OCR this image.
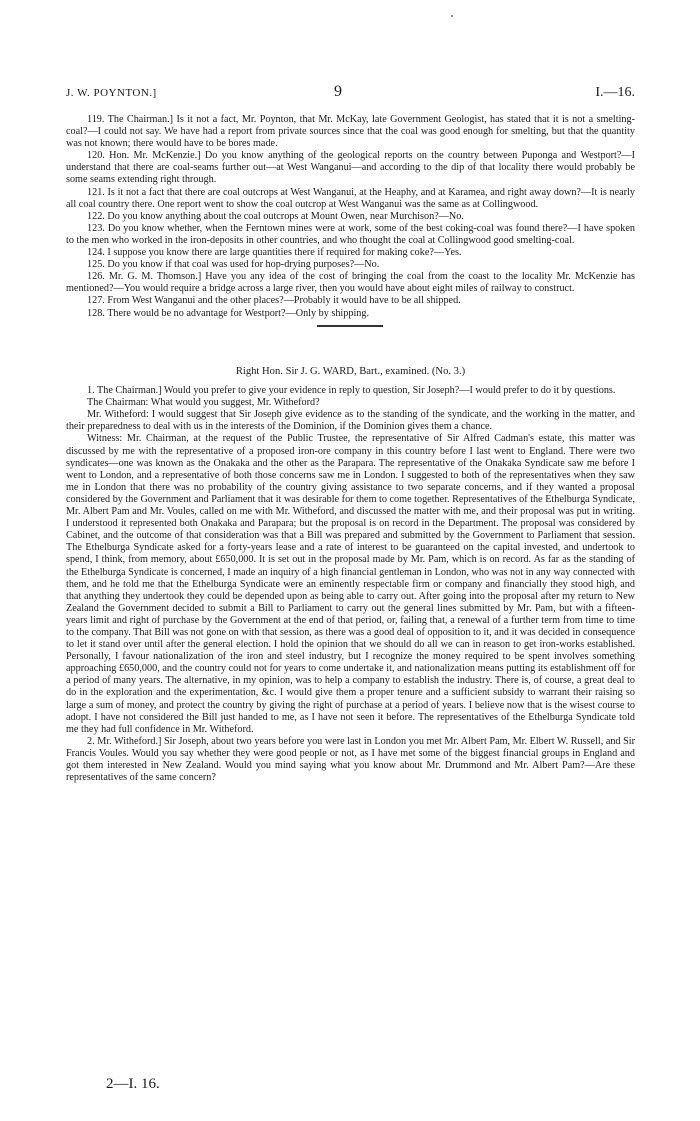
J. W. POYNTON.]	9	I.—16.

119. The Chairman.] Is it not a fact, Mr. Poynton, that Mr. McKay, late Government Geologist, has stated that it is not a smelting-coal?—I could not say. We have had a report from private sources since that the coal was good enough for smelting, but that the quantity was not known; there would have to be bores made.

120. Hon. Mr. McKenzie.] Do you know anything of the geological reports on the country between Puponga and Westport?—I understand that there are coal-seams further out—at West Wanganui—and according to the dip of that locality there would probably be some seams extending right through.

121. Is it not a fact that there are coal outcrops at West Wanganui, at the Heaphy, and at Karamea, and right away down?—It is nearly all coal country there. One report went to show the coal outcrop at West Wanganui was the same as at Collingwood.

122. Do you know anything about the coal outcrops at Mount Owen, near Murchison?—No.

123. Do you know whether, when the Ferntown mines were at work, some of the best coking-coal was found there?—I have spoken to the men who worked in the iron-deposits in other countries, and who thought the coal at Collingwood good smelting-coal.

124. I suppose you know there are large quantities there if required for making coke?—Yes.

125. Do you know if that coal was used for hop-drying purposes?—No.

126. Mr. G. M. Thomson.] Have you any idea of the cost of bringing the coal from the coast to the locality Mr. McKenzie has mentioned?—You would require a bridge across a large river, then you would have about eight miles of railway to construct.

127. From West Wanganui and the other places?—Probably it would have to be all shipped.

128. There would be no advantage for Westport?—Only by shipping.

Right Hon. Sir J. G. WARD, Bart., examined. (No. 3.)

1. The Chairman.] Would you prefer to give your evidence in reply to question, Sir Joseph?—I would prefer to do it by questions.

The Chairman: What would you suggest, Mr. Witheford?

Mr. Witheford: I would suggest that Sir Joseph give evidence as to the standing of the syndicate, and the working in the matter, and their preparedness to deal with us in the interests of the Dominion, if the Dominion gives them a chance.

Witness: Mr. Chairman, at the request of the Public Trustee, the representative of Sir Alfred Cadman's estate, this matter was discussed by me with the representative of a proposed iron-ore company in this country before I last went to England. There were two syndicates—one was known as the Onakaka and the other as the Parapara. The representative of the Onakaka Syndicate saw me before I went to London, and a representative of both those concerns saw me in London. I suggested to both of the representatives when they saw me in London that there was no probability of the country giving assistance to two separate concerns, and if they wanted a proposal considered by the Government and Parliament that it was desirable for them to come together. Representatives of the Ethelburga Syndicate, Mr. Albert Pam and Mr. Voules, called on me with Mr. Witheford, and discussed the matter with me, and their proposal was put in writing. I understood it represented both Onakaka and Parapara; but the proposal is on record in the Department. The proposal was considered by Cabinet, and the outcome of that consideration was that a Bill was prepared and submitted by the Government to Parliament that session. The Ethelburga Syndicate asked for a forty-years lease and a rate of interest to be guaranteed on the capital invested, and undertook to spend, I think, from memory, about £650,000. It is set out in the proposal made by Mr. Pam, which is on record. As far as the standing of the Ethelburga Syndicate is concerned, I made an inquiry of a high financial gentleman in London, who was not in any way connected with them, and he told me that the Ethelburga Syndicate were an eminently respectable firm or company and financially they stood high, and that anything they undertook they could be depended upon as being able to carry out. After going into the proposal after my return to New Zealand the Government decided to submit a Bill to Parliament to carry out the general lines submitted by Mr. Pam, but with a fifteen-years limit and right of purchase by the Government at the end of that period, or, failing that, a renewal of a further term from time to time to the company. That Bill was not gone on with that session, as there was a good deal of opposition to it, and it was decided in consequence to let it stand over until after the general election. I hold the opinion that we should do all we can in reason to get iron-works established. Personally, I favour nationalization of the iron and steel industry, but I recognize the money required to be spent involves something approaching £650,000, and the country could not for years to come undertake it, and nationalization means putting its establishment off for a period of many years. The alternative, in my opinion, was to help a company to establish the industry. There is, of course, a great deal to do in the exploration and the experimentation, &c. I would give them a proper tenure and a sufficient subsidy to warrant their raising so large a sum of money, and protect the country by giving the right of purchase at a period of years. I believe now that is the wisest course to adopt. I have not considered the Bill just handed to me, as I have not seen it before. The representatives of the Ethelburga Syndicate told me they had full confidence in Mr. Witheford.

2. Mr. Witheford.] Sir Joseph, about two years before you were last in London you met Mr. Albert Pam, Mr. Elbert W. Russell, and Sir Francis Voules. Would you say whether they were good people or not, as I have met some of the biggest financial groups in England and got them interested in New Zealand. Would you mind saying what you know about Mr. Drummond and Mr. Albert Pam?—Are these representatives of the same concern?

2—I. 16.
